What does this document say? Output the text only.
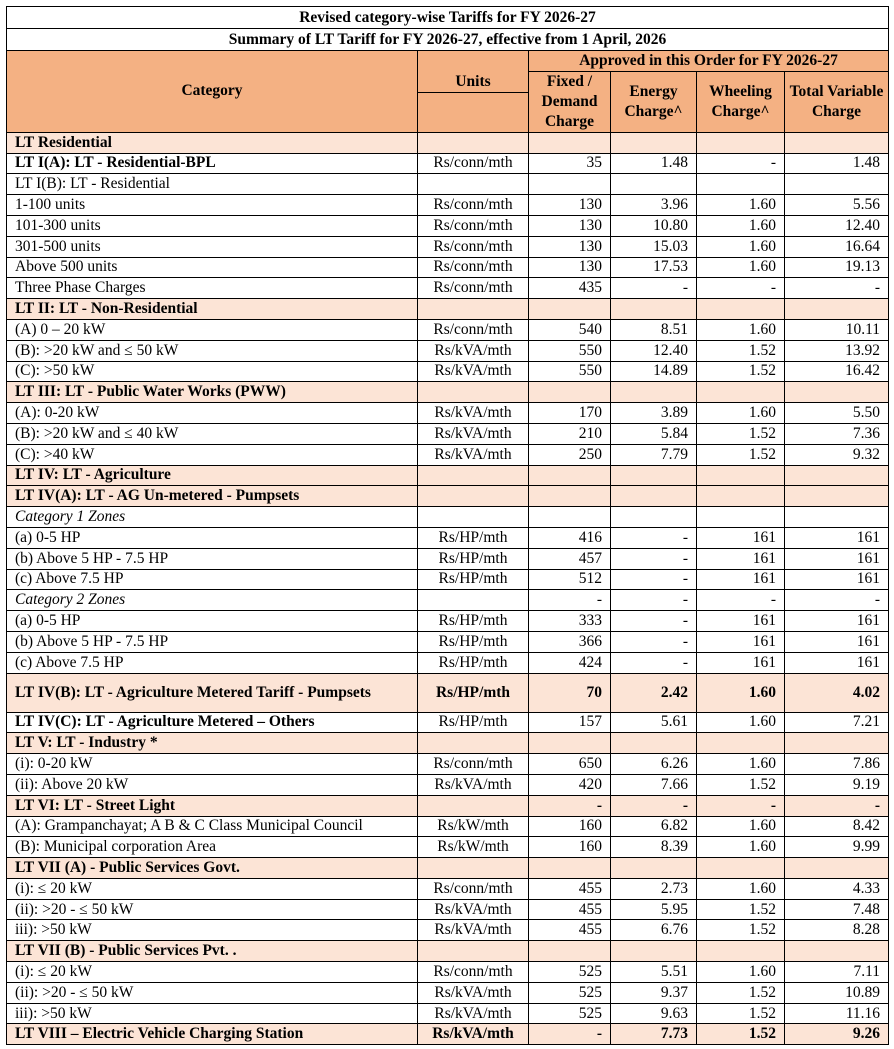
Revised category-wise Tariffs for FY 2026-27					
Summary of LT Tariff for FY 2026-27, effective from 1 April, 2026					
Category		Approved in this Order for FY 2026-27			
	Units	Fixed / Demand Charge	Energy Charge^	Wheeling Charge^	Total Variable Charge

LT Residential					
LT I(A): LT - Residential-BPL	Rs/conn/mth	35	1.48	-	1.48
LT I(B): LT - Residential					
1-100 units	Rs/conn/mth	130	3.96	1.60	5.56
101-300 units	Rs/conn/mth	130	10.80	1.60	12.40
301-500 units	Rs/conn/mth	130	15.03	1.60	16.64
Above 500 units	Rs/conn/mth	130	17.53	1.60	19.13
Three Phase Charges	Rs/conn/mth	435	-	-	-
LT II: LT - Non-Residential					
(A) 0 – 20 kW	Rs/conn/mth	540	8.51	1.60	10.11
(B): >20 kW and ≤ 50 kW	Rs/kVA/mth	550	12.40	1.52	13.92
(C): >50 kW	Rs/kVA/mth	550	14.89	1.52	16.42
LT III: LT - Public Water Works (PWW)					
(A): 0-20 kW	Rs/kVA/mth	170	3.89	1.60	5.50
(B): >20 kW and ≤ 40 kW	Rs/kVA/mth	210	5.84	1.52	7.36
(C): >40 kW	Rs/kVA/mth	250	7.79	1.52	9.32
LT IV: LT - Agriculture					
LT IV(A): LT - AG Un-metered - Pumpsets					
Category 1 Zones					
(a) 0-5 HP	Rs/HP/mth	416	-	161	161
(b) Above 5 HP - 7.5 HP	Rs/HP/mth	457	-	161	161
(c) Above 7.5 HP	Rs/HP/mth	512	-	161	161
Category 2 Zones		-	-	-	-
(a) 0-5 HP	Rs/HP/mth	333	-	161	161
(b) Above 5 HP - 7.5 HP	Rs/HP/mth	366	-	161	161
(c) Above 7.5 HP	Rs/HP/mth	424	-	161	161
LT IV(B): LT - Agriculture Metered Tariff - Pumpsets	Rs/HP/mth	70	2.42	1.60	4.02
LT IV(C): LT - Agriculture Metered – Others	Rs/HP/mth	157	5.61	1.60	7.21
LT V: LT - Industry *					
(i): 0-20 kW	Rs/conn/mth	650	6.26	1.60	7.86
(ii): Above 20 kW	Rs/kVA/mth	420	7.66	1.52	9.19
LT VI: LT - Street Light		-	-	-	-
(A): Grampanchayat; A B & C Class Municipal Council	Rs/kW/mth	160	6.82	1.60	8.42
(B): Municipal corporation Area	Rs/kW/mth	160	8.39	1.60	9.99
LT VII (A) - Public Services Govt.					
(i): ≤ 20 kW	Rs/conn/mth	455	2.73	1.60	4.33
(ii): >20 - ≤ 50 kW	Rs/kVA/mth	455	5.95	1.52	7.48
iii): >50 kW	Rs/kVA/mth	455	6.76	1.52	8.28
LT VII (B) - Public Services Pvt. .					
(i): ≤ 20 kW	Rs/conn/mth	525	5.51	1.60	7.11
(ii): >20 - ≤ 50 kW	Rs/kVA/mth	525	9.37	1.52	10.89
iii): >50 kW	Rs/kVA/mth	525	9.63	1.52	11.16
LT VIII – Electric Vehicle Charging Station	Rs/kVA/mth	-	7.73	1.52	9.26
